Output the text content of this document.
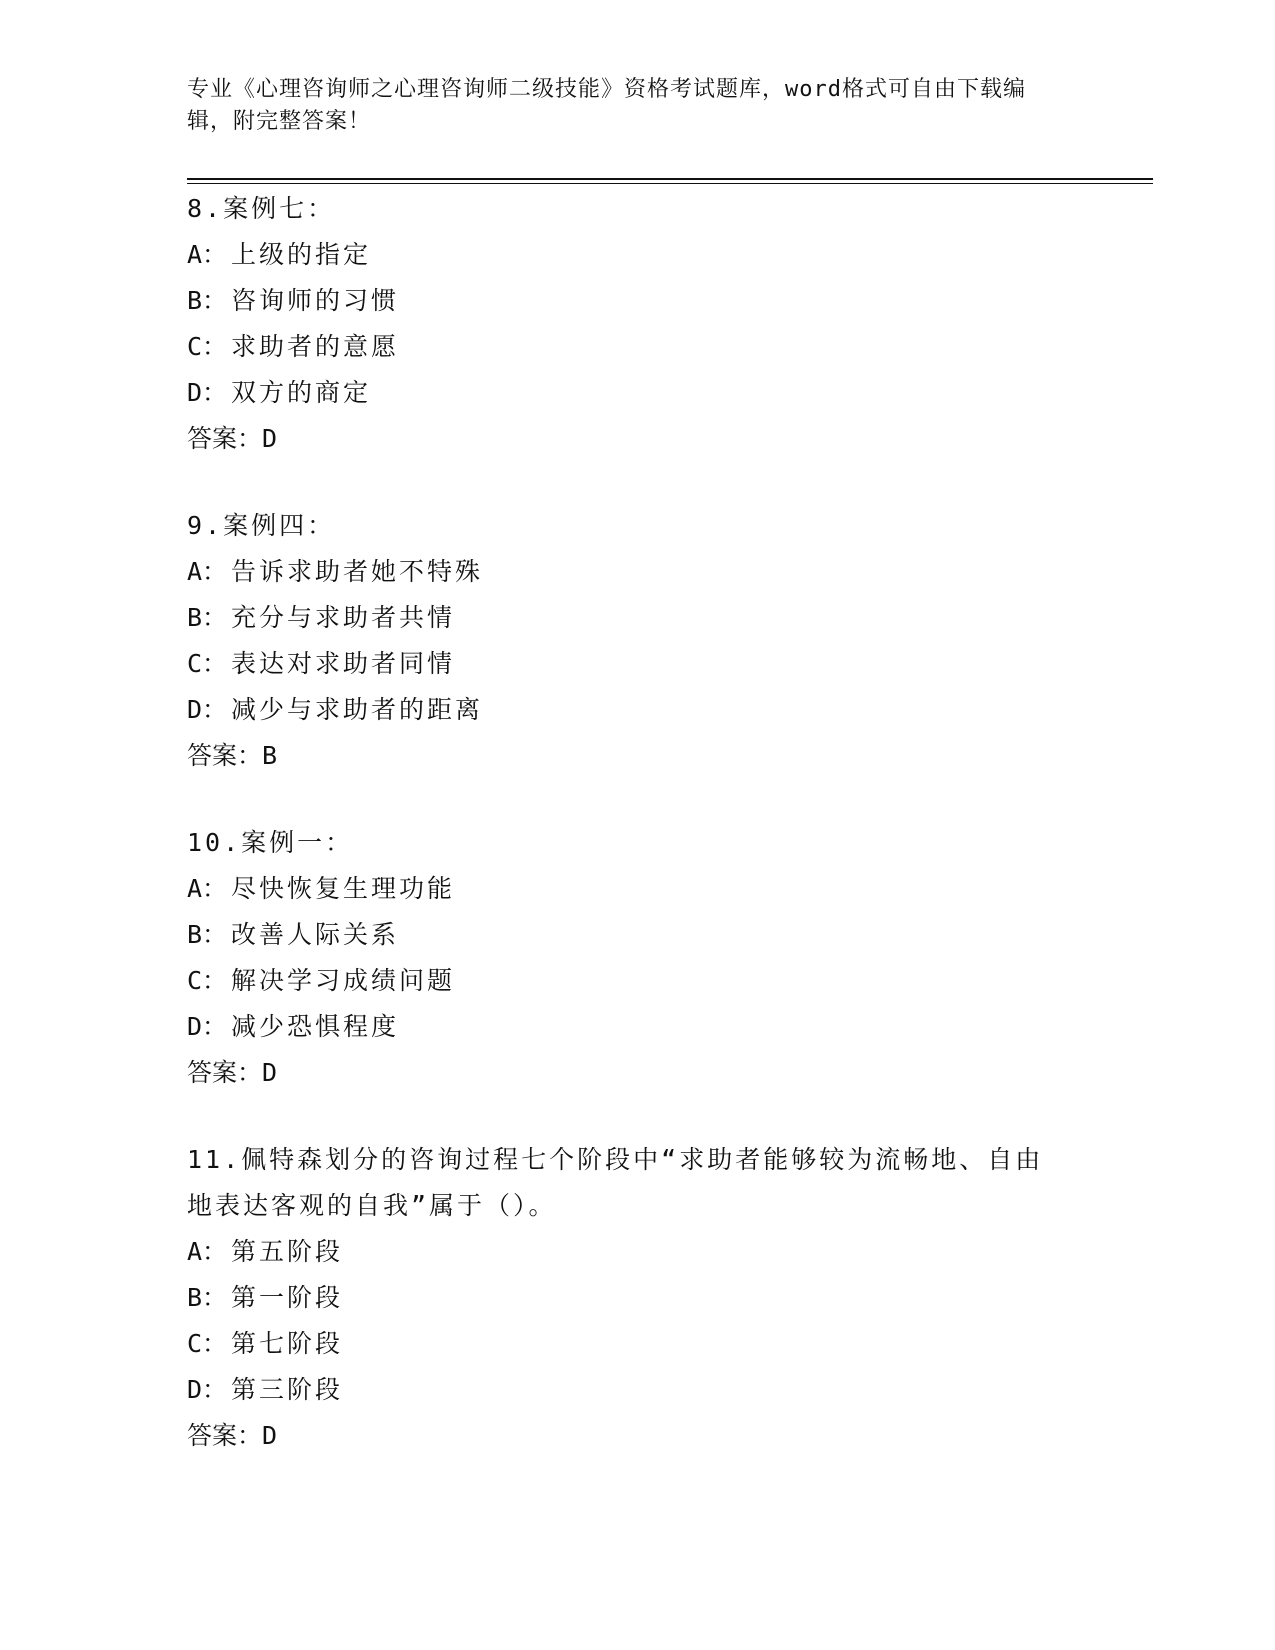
专业《心理咨询师之心理咨询师二级技能》资格考试题库，word格式可自由下载编辑，附完整答案！
8.案例七：
A： 上级的指定
B： 咨询师的习惯
C： 求助者的意愿
D： 双方的商定
答案：D
9.案例四：
A： 告诉求助者她不特殊
B： 充分与求助者共情
C： 表达对求助者同情
D： 减少与求助者的距离
答案：B
10.案例一：
A： 尽快恢复生理功能
B： 改善人际关系
C： 解决学习成绩问题
D： 减少恐惧程度
答案：D
11.佩特森划分的咨询过程七个阶段中“求助者能够较为流畅地、自由地表达客观的自我”属于（）。
A： 第五阶段
B： 第一阶段
C： 第七阶段
D： 第三阶段
答案：D
